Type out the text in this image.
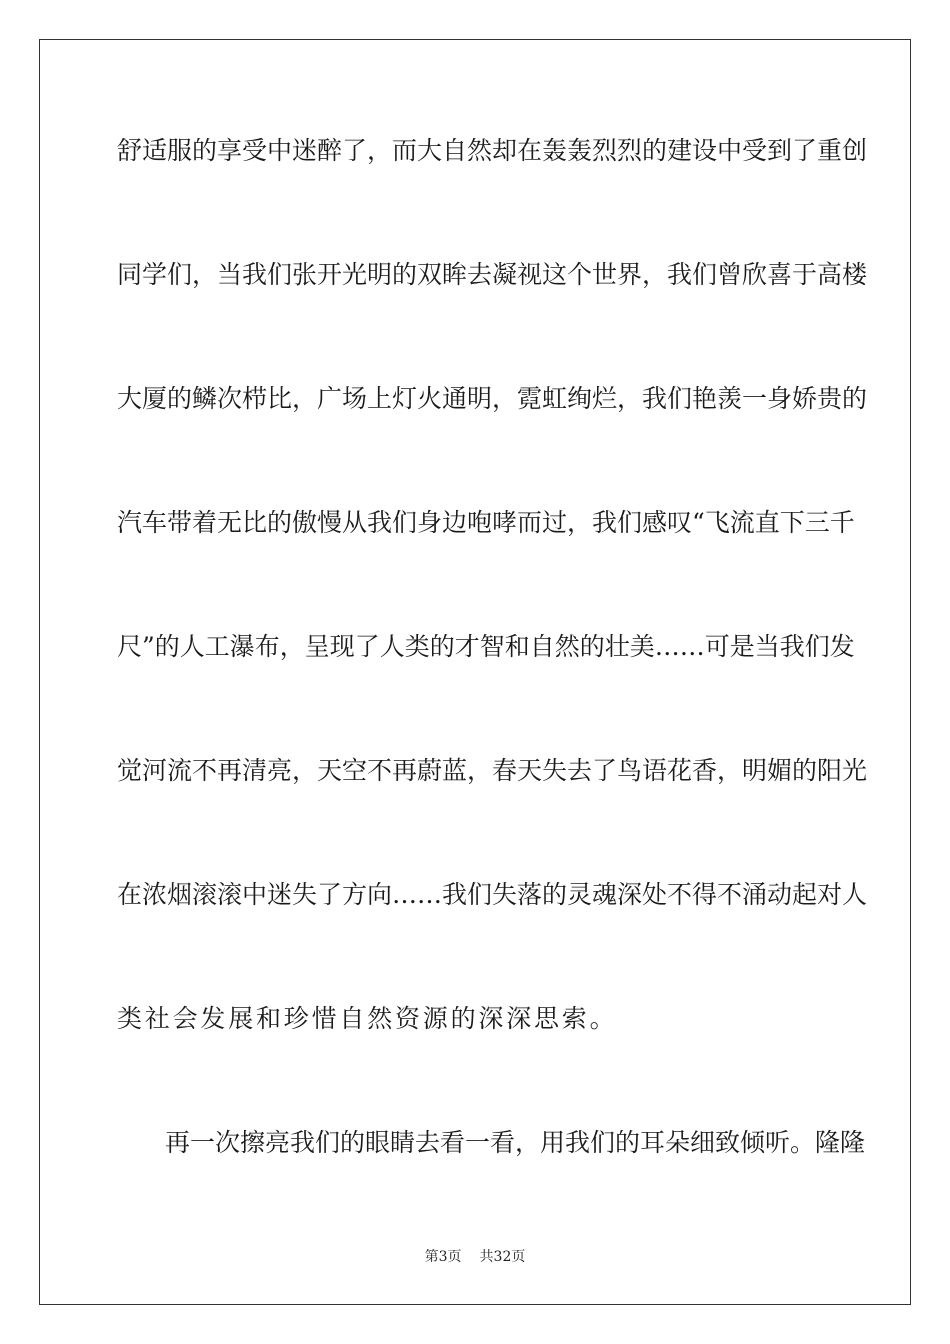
舒适服的享受中迷醉了，而大自然却在轰轰烈烈的建设中受到了重创
同学们，当我们张开光明的双眸去凝视这个世界，我们曾欣喜于高楼
大厦的鳞次栉比，广场上灯火通明，霓虹绚烂，我们艳羡一身娇贵的
汽车带着无比的傲慢从我们身边咆哮而过，我们感叹“飞流直下三千
尺”的人工瀑布，呈现了人类的才智和自然的壮美……可是当我们发
觉河流不再清亮，天空不再蔚蓝，春天失去了鸟语花香，明媚的阳光
在浓烟滚滚中迷失了方向……我们失落的灵魂深处不得不涌动起对人
类社会发展和珍惜自然资源的深深思索。
再一次擦亮我们的眼睛去看一看，用我们的耳朵细致倾听。隆隆
第3页 共32页
